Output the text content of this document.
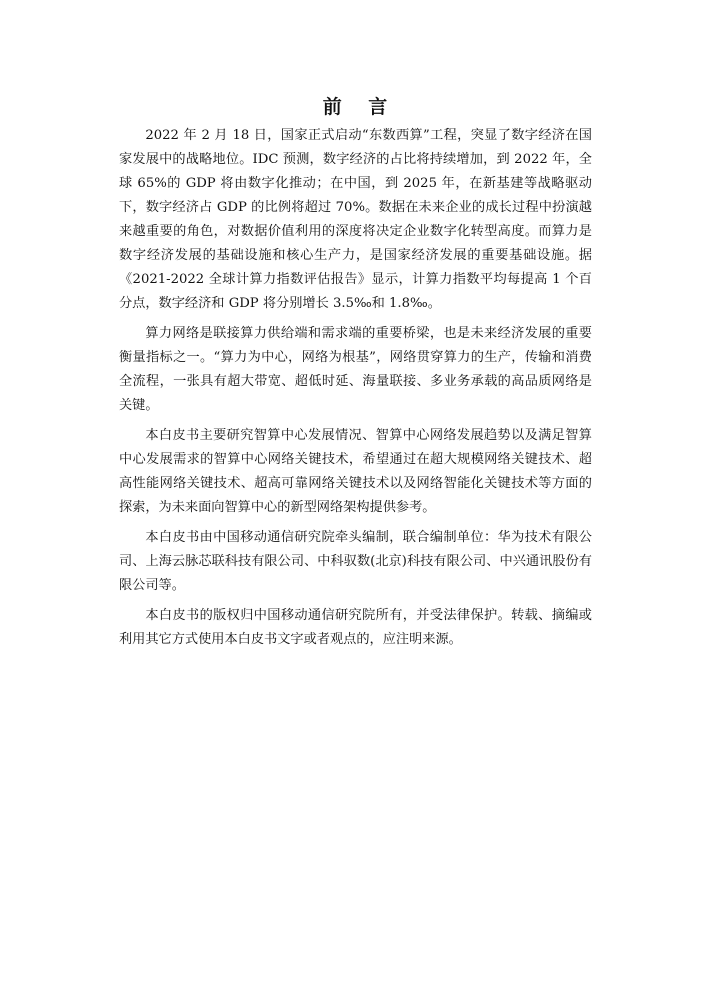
前 言

2022 年 2 月 18 日，国家正式启动“东数西算”工程，突显了数字经济在国家发展中的战略地位。IDC 预测，数字经济的占比将持续增加，到 2022 年，全球 65%的 GDP 将由数字化推动；在中国，到 2025 年，在新基建等战略驱动下，数字经济占 GDP 的比例将超过 70%。数据在未来企业的成长过程中扮演越来越重要的角色，对数据价值利用的深度将决定企业数字化转型高度。而算力是数字经济发展的基础设施和核心生产力，是国家经济发展的重要基础设施。据《2021-2022 全球计算力指数评估报告》显示，计算力指数平均每提高 1 个百分点，数字经济和 GDP 将分别增长 3.5‰和 1.8‰。

算力网络是联接算力供给端和需求端的重要桥梁，也是未来经济发展的重要衡量指标之一。“算力为中心，网络为根基”，网络贯穿算力的生产，传输和消费全流程，一张具有超大带宽、超低时延、海量联接、多业务承载的高品质网络是关键。

本白皮书主要研究智算中心发展情况、智算中心网络发展趋势以及满足智算中心发展需求的智算中心网络关键技术，希望通过在超大规模网络关键技术、超高性能网络关键技术、超高可靠网络关键技术以及网络智能化关键技术等方面的探索，为未来面向智算中心的新型网络架构提供参考。

本白皮书由中国移动通信研究院牵头编制，联合编制单位：华为技术有限公司、上海云脉芯联科技有限公司、中科驭数(北京)科技有限公司、中兴通讯股份有限公司等。

本白皮书的版权归中国移动通信研究院所有，并受法律保护。转载、摘编或利用其它方式使用本白皮书文字或者观点的，应注明来源。
